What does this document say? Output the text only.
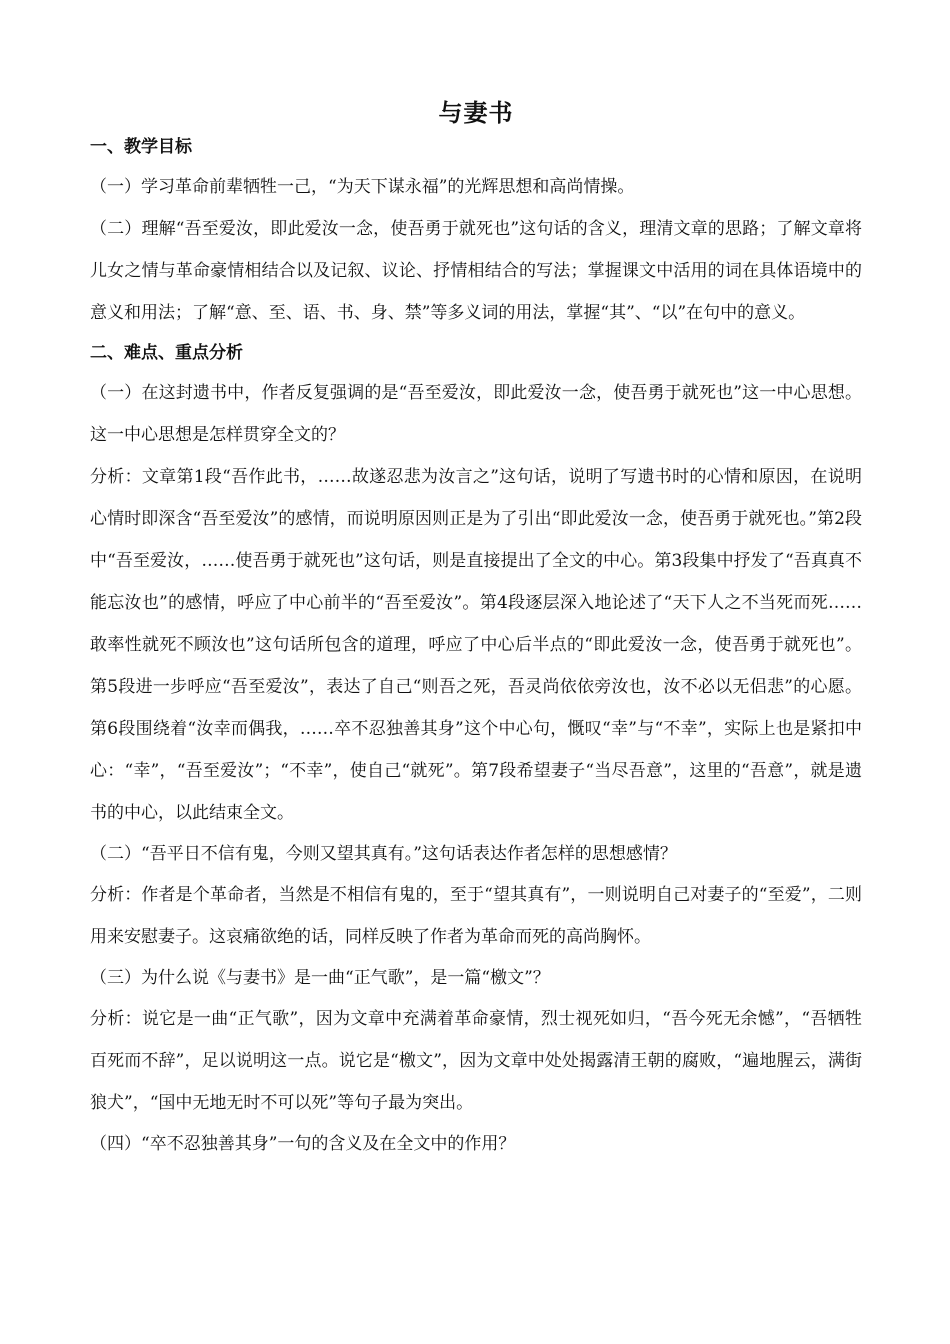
与妻书
一、教学目标

（一）学习革命前辈牺牲一己，“为天下谋永福”的光辉思想和高尚情操。

（二）理解“吾至爱汝，即此爱汝一念，使吾勇于就死也”这句话的含义，理清文章的思路；了解文章将儿女之情与革命豪情相结合以及记叙、议论、抒情相结合的写法；掌握课文中活用的词在具体语境中的意义和用法；了解“意、至、语、书、身、禁”等多义词的用法，掌握“其”、“以”在句中的意义。

二、难点、重点分析

（一）在这封遗书中，作者反复强调的是“吾至爱汝，即此爱汝一念，使吾勇于就死也”这一中心思想。这一中心思想是怎样贯穿全文的？

分析：文章第1段“吾作此书，……故遂忍悲为汝言之”这句话，说明了写遗书时的心情和原因，在说明心情时即深含“吾至爱汝”的感情，而说明原因则正是为了引出“即此爱汝一念，使吾勇于就死也。”第2段中“吾至爱汝，……使吾勇于就死也”这句话，则是直接提出了全文的中心。第3段集中抒发了“吾真真不能忘汝也”的感情，呼应了中心前半的“吾至爱汝”。第4段逐层深入地论述了“天下人之不当死而死……敢率性就死不顾汝也”这句话所包含的道理，呼应了中心后半点的“即此爱汝一念，使吾勇于就死也”。第5段进一步呼应“吾至爱汝”，表达了自己“则吾之死，吾灵尚依依旁汝也，汝不必以无侣悲”的心愿。第6段围绕着“汝幸而偶我，……卒不忍独善其身”这个中心句，慨叹“幸”与“不幸”，实际上也是紧扣中心：“幸”，“吾至爱汝”；“不幸”，使自己“就死”。第7段希望妻子“当尽吾意”，这里的“吾意”，就是遗书的中心，以此结束全文。

（二）“吾平日不信有鬼，今则又望其真有。”这句话表达作者怎样的思想感情？

分析：作者是个革命者，当然是不相信有鬼的，至于“望其真有”，一则说明自己对妻子的“至爱”，二则用来安慰妻子。这哀痛欲绝的话，同样反映了作者为革命而死的高尚胸怀。

（三）为什么说《与妻书》是一曲“正气歌”，是一篇“檄文”？

分析：说它是一曲“正气歌”，因为文章中充满着革命豪情，烈士视死如归，“吾今死无余憾”，“吾牺牲百死而不辞”，足以说明这一点。说它是“檄文”，因为文章中处处揭露清王朝的腐败，“遍地腥云，满街狼犬”，“国中无地无时不可以死”等句子最为突出。

（四）“卒不忍独善其身”一句的含义及在全文中的作用？
